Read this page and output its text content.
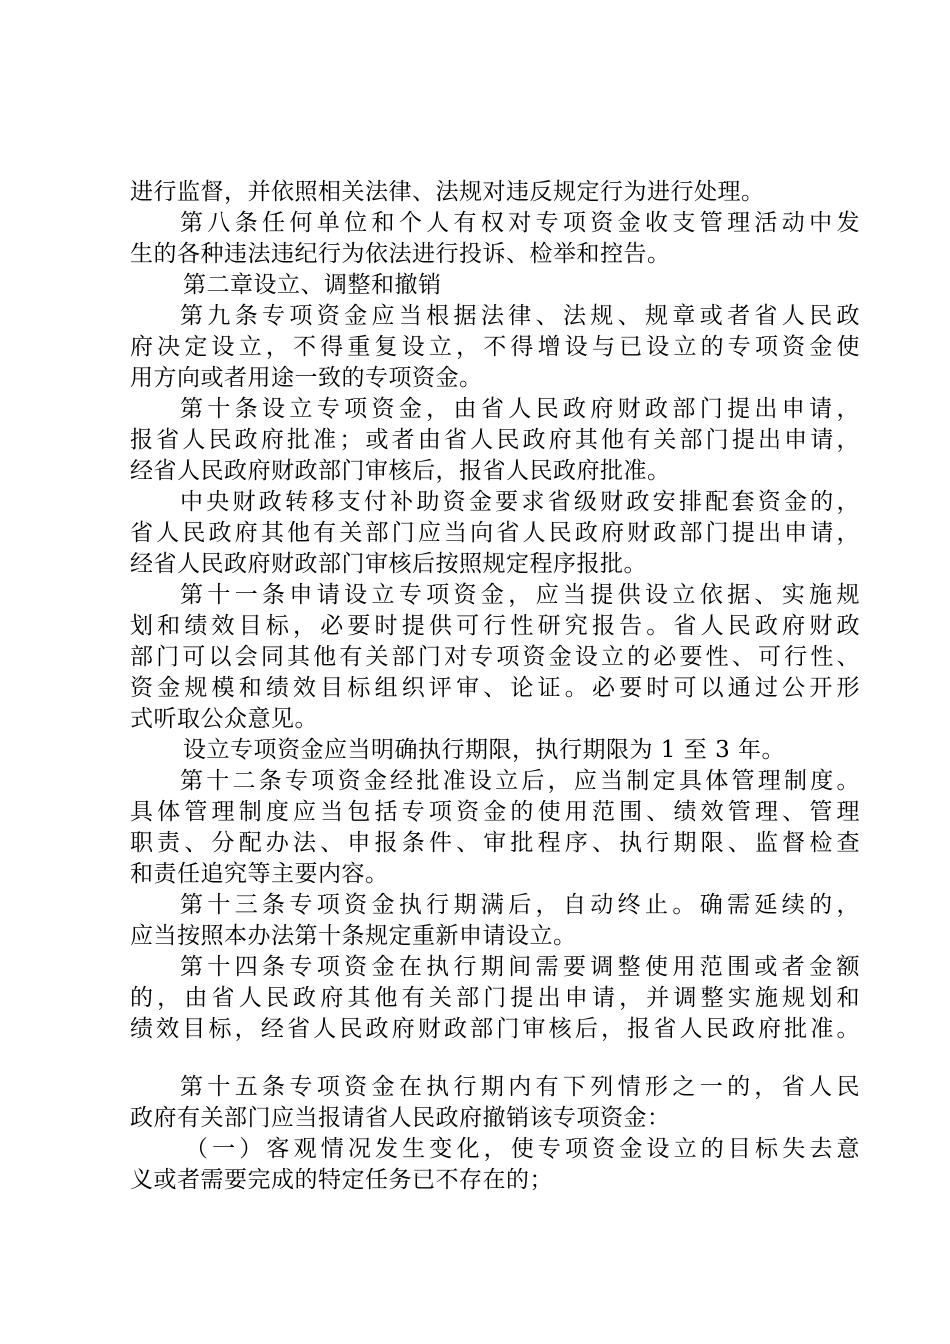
进行监督，并依照相关法律、法规对违反规定行为进行处理。
第八条任何单位和个人有权对专项资金收支管理活动中发
生的各种违法违纪行为依法进行投诉、检举和控告。
第二章设立、调整和撤销
第九条专项资金应当根据法律、法规、规章或者省人民政
府决定设立，不得重复设立，不得增设与已设立的专项资金使
用方向或者用途一致的专项资金。
第十条设立专项资金，由省人民政府财政部门提出申请，
报省人民政府批准；或者由省人民政府其他有关部门提出申请，
经省人民政府财政部门审核后，报省人民政府批准。
中央财政转移支付补助资金要求省级财政安排配套资金的，
省人民政府其他有关部门应当向省人民政府财政部门提出申请，
经省人民政府财政部门审核后按照规定程序报批。
第十一条申请设立专项资金，应当提供设立依据、实施规
划和绩效目标，必要时提供可行性研究报告。省人民政府财政
部门可以会同其他有关部门对专项资金设立的必要性、可行性、
资金规模和绩效目标组织评审、论证。必要时可以通过公开形
式听取公众意见。
设立专项资金应当明确执行期限，执行期限为 1 至 3 年。
第十二条专项资金经批准设立后，应当制定具体管理制度。
具体管理制度应当包括专项资金的使用范围、绩效管理、管理
职责、分配办法、申报条件、审批程序、执行期限、监督检查
和责任追究等主要内容。
第十三条专项资金执行期满后，自动终止。确需延续的，
应当按照本办法第十条规定重新申请设立。
第十四条专项资金在执行期间需要调整使用范围或者金额
的，由省人民政府其他有关部门提出申请，并调整实施规划和
绩效目标，经省人民政府财政部门审核后，报省人民政府批准。
第十五条专项资金在执行期内有下列情形之一的，省人民
政府有关部门应当报请省人民政府撤销该专项资金：
（一）客观情况发生变化，使专项资金设立的目标失去意
义或者需要完成的特定任务已不存在的；
